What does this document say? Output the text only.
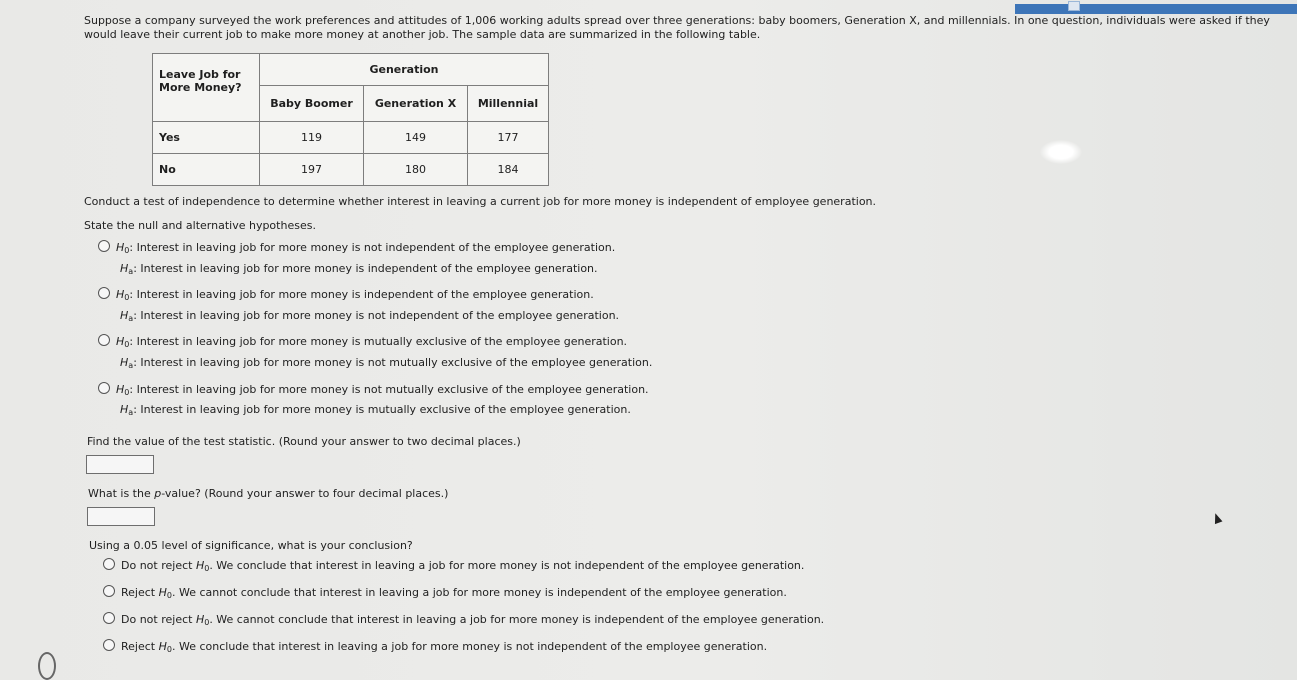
Suppose a company surveyed the work preferences and attitudes of 1,006 working adults spread over three generations: baby boomers, Generation X, and millennials. In one question, individuals were asked if they would leave their current job to make more money at another job. The sample data are summarized in the following table.

Leave Job for More Money?	Generation		
	Baby Boomer	Generation X	Millennial
Yes	119	149	177
No	197	180	184

Conduct a test of independence to determine whether interest in leaving a current job for more money is independent of employee generation.

State the null and alternative hypotheses.

$H_0$: Interest in leaving job for more money is not independent of the employee generation.
$H_a$: Interest in leaving job for more money is independent of the employee generation.
$H_0$: Interest in leaving job for more money is independent of the employee generation.
$H_a$: Interest in leaving job for more money is not independent of the employee generation.
$H_0$: Interest in leaving job for more money is mutually exclusive of the employee generation.
$H_a$: Interest in leaving job for more money is not mutually exclusive of the employee generation.
$H_0$: Interest in leaving job for more money is not mutually exclusive of the employee generation.
$H_a$: Interest in leaving job for more money is mutually exclusive of the employee generation.

Find the value of the test statistic. (Round your answer to two decimal places.)

What is the p-value? (Round your answer to four decimal places.)

Using a 0.05 level of significance, what is your conclusion?

Do not reject $H_0$. We conclude that interest in leaving a job for more money is not independent of the employee generation.
Reject $H_0$. We cannot conclude that interest in leaving a job for more money is independent of the employee generation.
Do not reject $H_0$. We cannot conclude that interest in leaving a job for more money is independent of the employee generation.
Reject $H_0$. We conclude that interest in leaving a job for more money is not independent of the employee generation.
